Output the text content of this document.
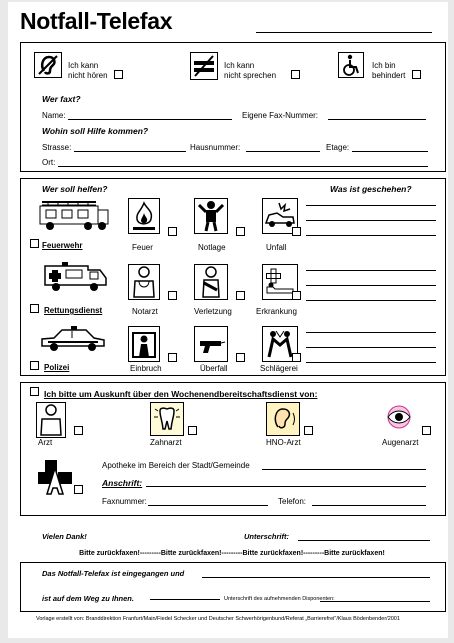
Notfall-Telefax
Ich kann
nicht hören
Ich kann
nicht sprechen
Ich bin
behindert
Wer faxt?
Name:	Eigene Fax-Nummer:
Wohin soll Hilfe kommen?
Strasse:	Hausnummer:	Etage:
Ort:
Wer soll helfen?	Was ist geschehen?
Feuerwehr	Feuer	Notlage	Unfall
Rettungsdienst	Notarzt	Verletzung	Erkrankung
Polizei	Einbruch	Überfall	Schlägerei
Ich bitte um Auskunft über den Wochenendbereitschaftsdienst von:
Arzt	Zahnarzt	HNO-Arzt	Augenarzt
Apotheke im Bereich der Stadt/Gemeinde
Anschrift:
Faxnummer:	Telefon:
Vielen Dank!	Unterschrift:
Bitte zurückfaxen!---------Bitte zurückfaxen!---------Bitte zurückfaxen!---------Bitte zurückfaxen!
Das Notfall-Telefax ist eingegangen und
ist auf dem Weg zu Ihnen.	Unterschrift des aufnehmenden Disponenten:
Vorlage erstellt von: Branddirektion Franfurt/Main/Fiedel Schecker und Deutscher Schwerhörigenbund/Referat „Barrierefrei"/Klaus Bödenbender/2001
